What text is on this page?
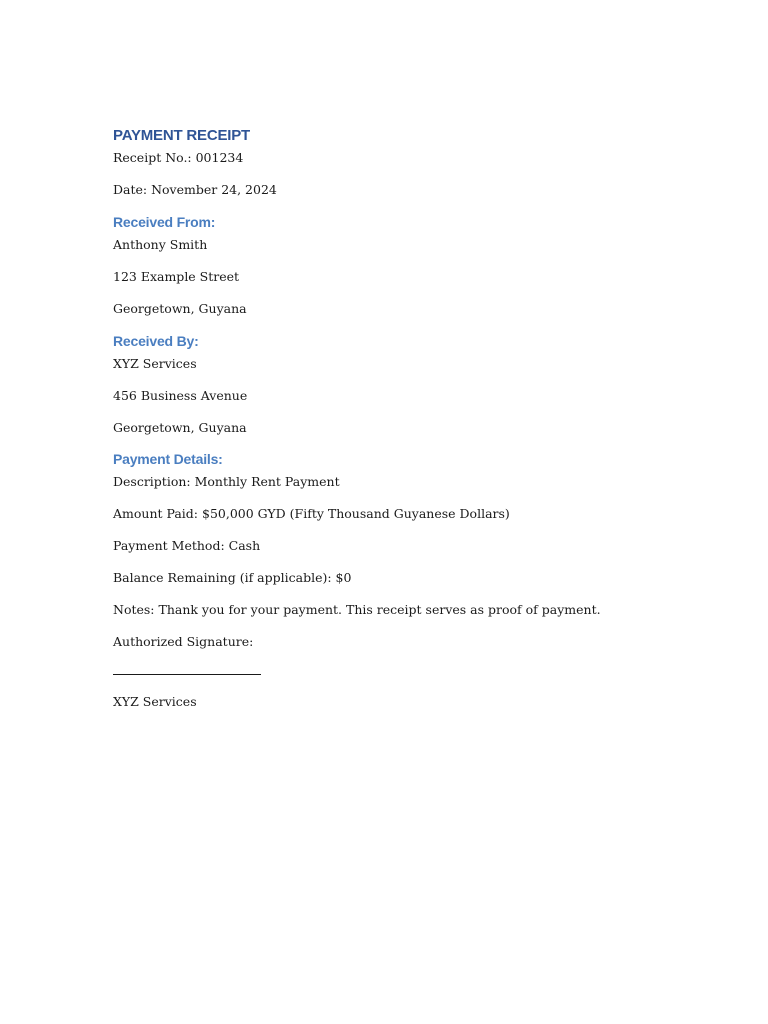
PAYMENT RECEIPT

Receipt No.: 001234

Date: November 24, 2024

Received From:

Anthony Smith

123 Example Street

Georgetown, Guyana

Received By:

XYZ Services

456 Business Avenue

Georgetown, Guyana

Payment Details:

Description: Monthly Rent Payment

Amount Paid: $50,000 GYD (Fifty Thousand Guyanese Dollars)

Payment Method: Cash

Balance Remaining (if applicable): $0

Notes: Thank you for your payment. This receipt serves as proof of payment.

Authorized Signature:

XYZ Services
